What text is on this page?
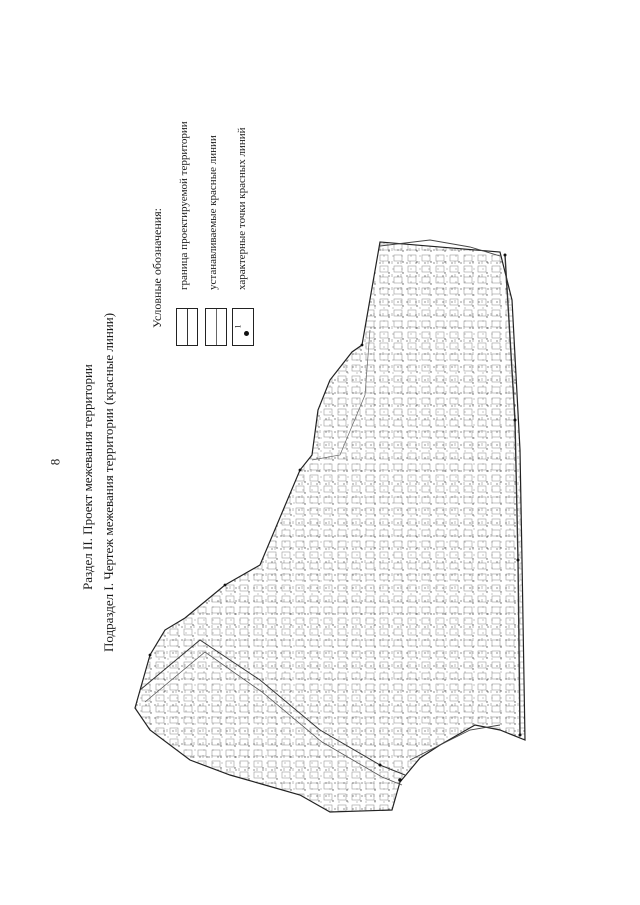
8 Раздел II. Проект межевания территории Подраздел I. Чертеж межевания территории (красные линии)
Условные обозначения: граница проектируемой территории устанавливаемые красные линии
1
характерные точки красных линий
